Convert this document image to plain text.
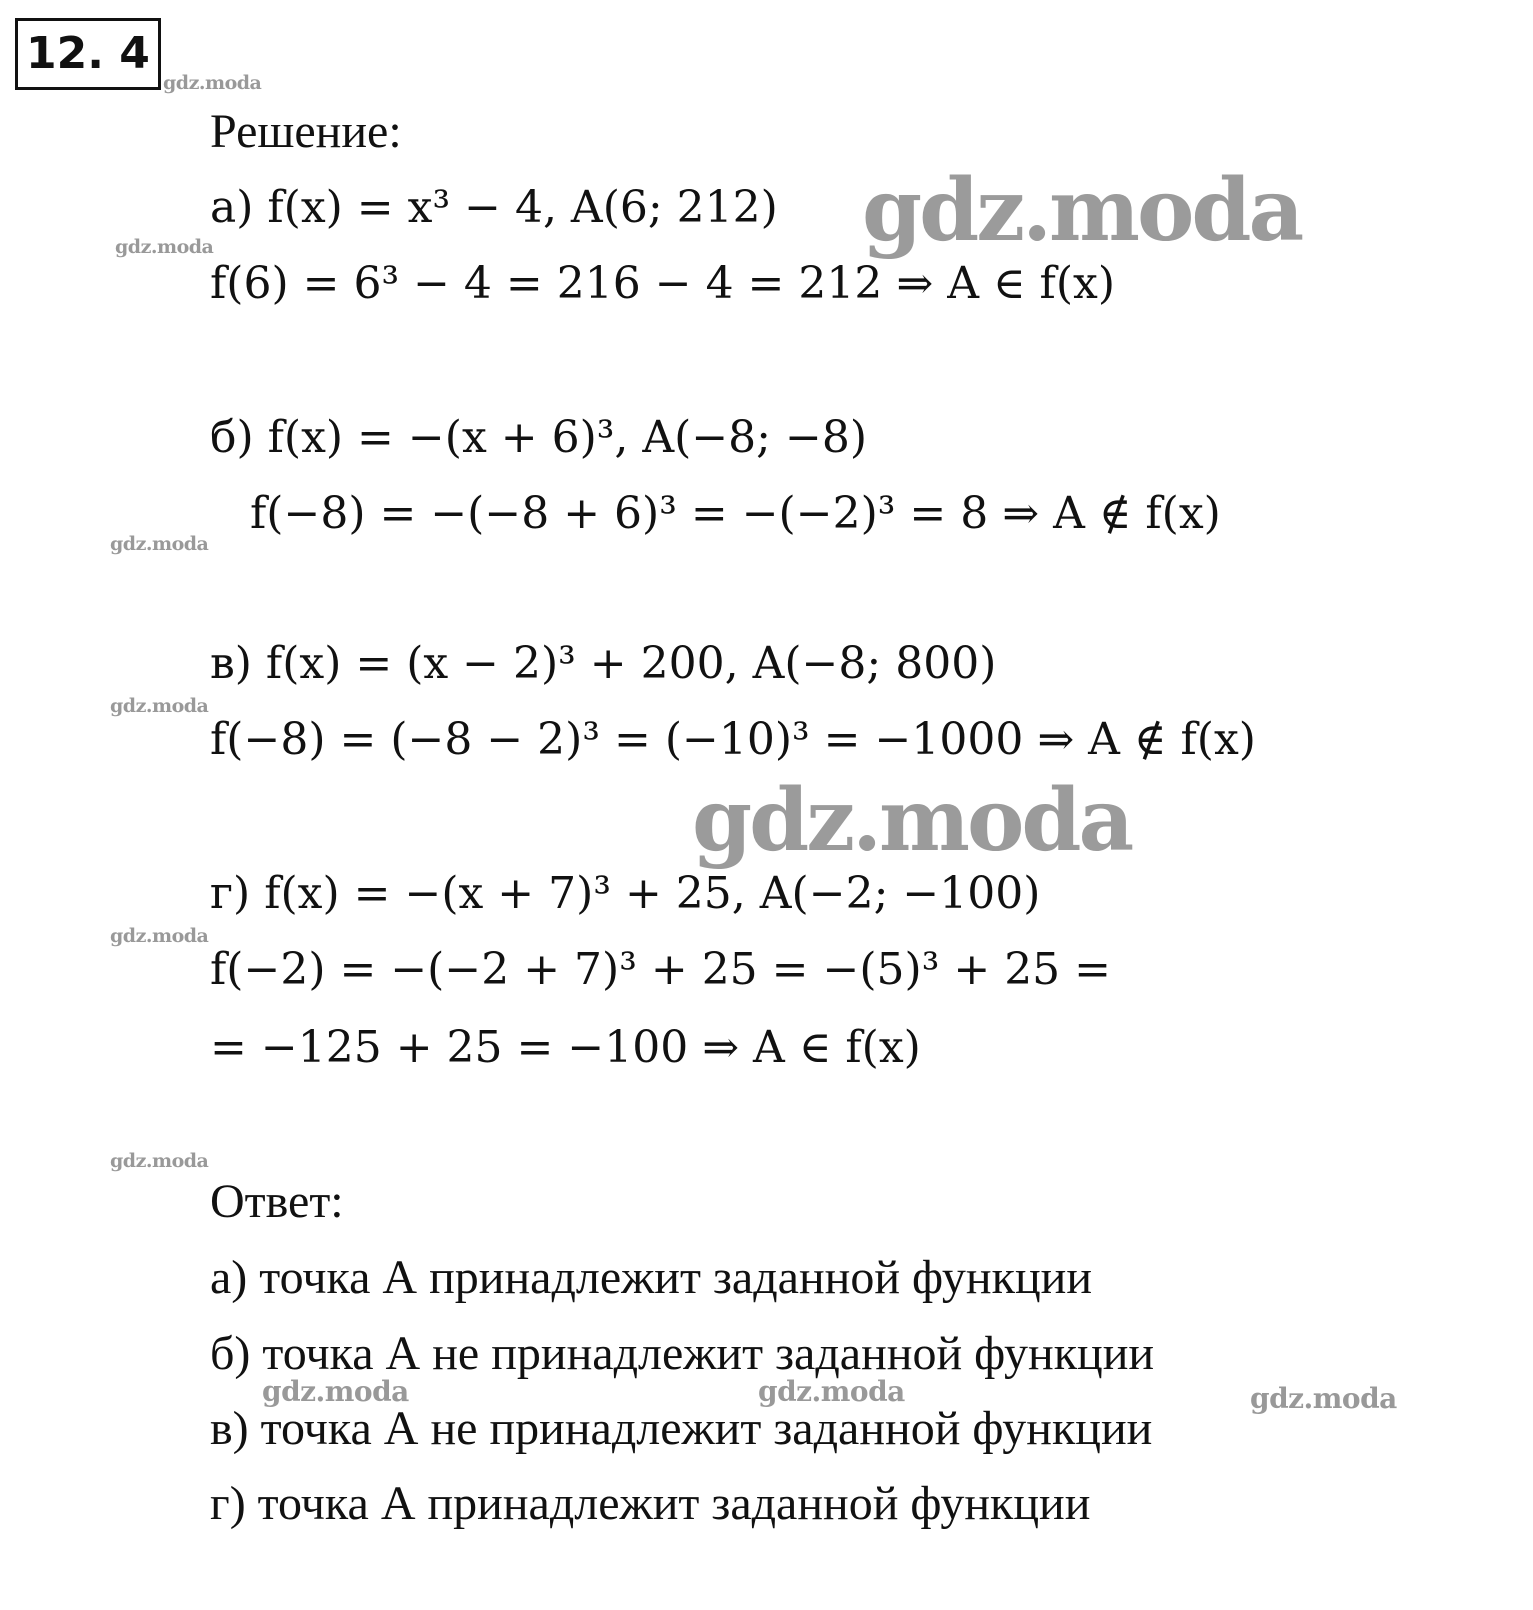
12. 4
Решение:
а) f(x) = x³ − 4, A(6; 212)
f(6) = 6³ − 4 = 216 − 4 = 212 ⇒ A ∈ f(x)
б) f(x) = −(x + 6)³, A(−8; −8)
f(−8) = −(−8 + 6)³ = −(−2)³ = 8 ⇒ A ∉ f(x)
в) f(x) = (x − 2)³ + 200, A(−8; 800)
f(−8) = (−8 − 2)³ = (−10)³ = −1000 ⇒ A ∉ f(x)
г) f(x) = −(x + 7)³ + 25, A(−2; −100)
f(−2) = −(−2 + 7)³ + 25 = −(5)³ + 25 =
= −125 + 25 = −100 ⇒ A ∈ f(x)
Ответ:
а) точка А принадлежит заданной функции
б) точка А не принадлежит заданной функции
в) точка А не принадлежит заданной функции
г) точка А принадлежит заданной функции
gdz.moda
gdz.moda
gdz.moda
gdz.moda
gdz.moda
gdz.moda
gdz.moda	gdz.moda	gdz.moda
gdz.moda
gdz.moda
